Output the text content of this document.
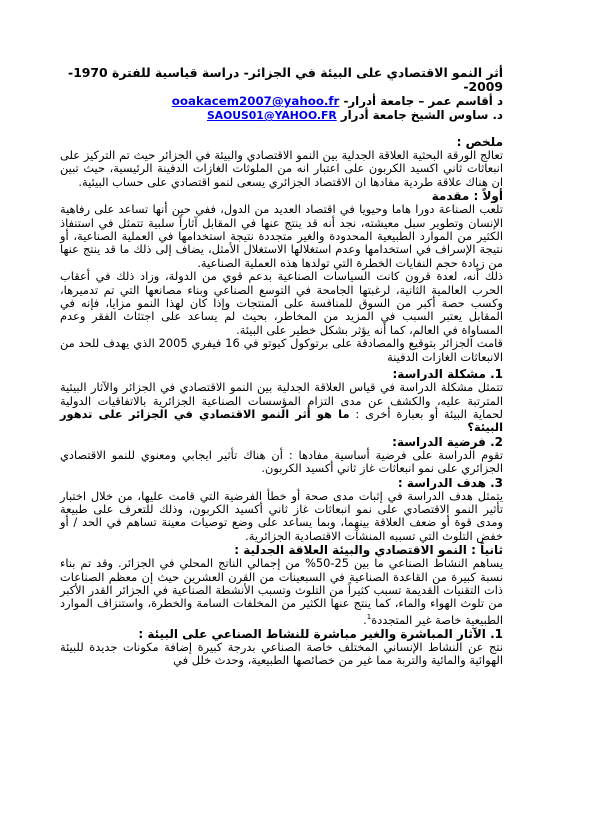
أثر النمو الاقتصادي على البيئة في الجزائر- دراسة قياسية للفترة 1970-2009-
د أقاسم عمر – جامعة أدرار- ooakacem2007@yahoo.fr
د. ساوس الشيخ جامعة أدرار SAOUS01@YAHOO.FR
ملخص :

تعالج الورقة البحثية العلاقة الجدلية بين النمو الاقتصادي والبيئة في الجزائر حيث تم التركيز على انبعاثات ثاني اكسيد الكربون على اعتبار انه من الملوثات الغازات الدفينة الرئيسية، حيث تبين ان هناك علاقة طردية مفادها ان الاقتصاد الجزائري يسعى لنمو اقتصادي على حساب البيئية.

أولاً : مقدمة

تلعب الصناعة دورا هاما وحيويا في اقتصاد العديد من الدول، ففي حين أنها تساعد على رفاهية الإنسان وتطوير سبل معيشته، نجد أنه قد ينتج عنها في المقابل آثاراً سلبية تتمثل في استنفاذ الكثير من الموارد الطبيعية المحدودة والغير متجددة نتيجة استخدامها في العملية الصناعية، أو نتيجة الإسراف في استخدامها وعدم استغلالها الاستغلال الأمثل، يضاف إلى ذلك ما قد ينتج عنها من زيادة حجم النفايات الخطرة التي تولدها هذه العملية الصناعية.

ذلك أنه، لعدة قرون كانت السياسات الصناعية بدعم قوي من الدولة، وزاد ذلك في أعقاب الحرب العالمية الثانية، لرغبتها الجامحة في التوسع الصناعي وبناء مصانعها التي تم تدميرها، وكسب حصة أكبر من السوق للمنافسة على المنتجات وإذا كان لهذا النمو مزايا، فإنه في المقابل يعتبر السبب في المزيد من المخاطر، بحيث لم يساعد على اجتثاث الفقر وعدم المساواة في العالم، كما أنه يؤثر بشكل خطير على البيئة.

قامت الجزائر بتوقيع والمصادقة على برتوكول كيوتو في 16 فيفري 2005 الذي يهدف للحد من الانبعاثات الغازات الدفينة

1. مشكلة الدراسة:

تتمثل مشكلة الدراسة في قياس العلاقة الجدلية بين النمو الاقتصادي في الجزائر والآثار البيئية المترتبة عليه، والكشف عن مدى التزام المؤسسات الصناعية الجزائرية بالاتفاقيات الدولية لحماية البيئة أو بعبارة أخرى : ما هو أثر النمو الاقتصادي في الجزائر على تدهور البيئة؟

2. فرضية الدراسة:

تقوم الدراسة على فرضية أساسية مفادها : أن هناك تأثير ايجابي ومعنوي للنمو الاقتصادي الجزائري على نمو انبعاثات غاز ثاني أكسيد الكربون.

3. هدف الدراسة :

يتمثل هدف الدراسة في إثبات مدى صحة أو خطأ الفرضية التي قامت عليها، من خلال اختبار تأثير النمو الاقتصادي على نمو انبعاثات غاز ثاني أكسيد الكربون، وذلك للتعرف على طبيعة ومدى قوة أو ضعف العلاقة بينهما، وبما يساعد على وضع توصيات معينة تساهم في الحد / أو خفض التلوث التي تسببه المنشآت الاقتصادية الجزائرية.

ثانياً : النمو الاقتصادي والبيئة العلاقة الجدلية :

يساهم النشاط الصناعي ما بين 25-50% من إجمالي الناتج المحلي في الجزائر. وقد تم بناء نسبة كبيرة من القاعدة الصناعية في السبعينات من القرن العشرين حيث إن معظم الصناعات ذات التقنيات القديمة تسبب كثيراً من التلوث وتسبب الأنشطة الصناعية في الجزائر القدر الأكبر من تلوث الهواء والماء، كما ينتج عنها الكثير من المخلفات السامة والخطرة، واستنزاف الموارد الطبيعية خاصة غير المتجددة$^1$.

1. الآثار المباشرة والغير مباشرة للنشاط الصناعي على البيئة :

نتج عن النشاط الإنساني المختلف خاصة الصناعي بدرجة كبيرة إضافة مكونات جديدة للبيئة الهوائية والمائية والتربة مما غير من خصائصها الطبيعية، وحدث خلل في
